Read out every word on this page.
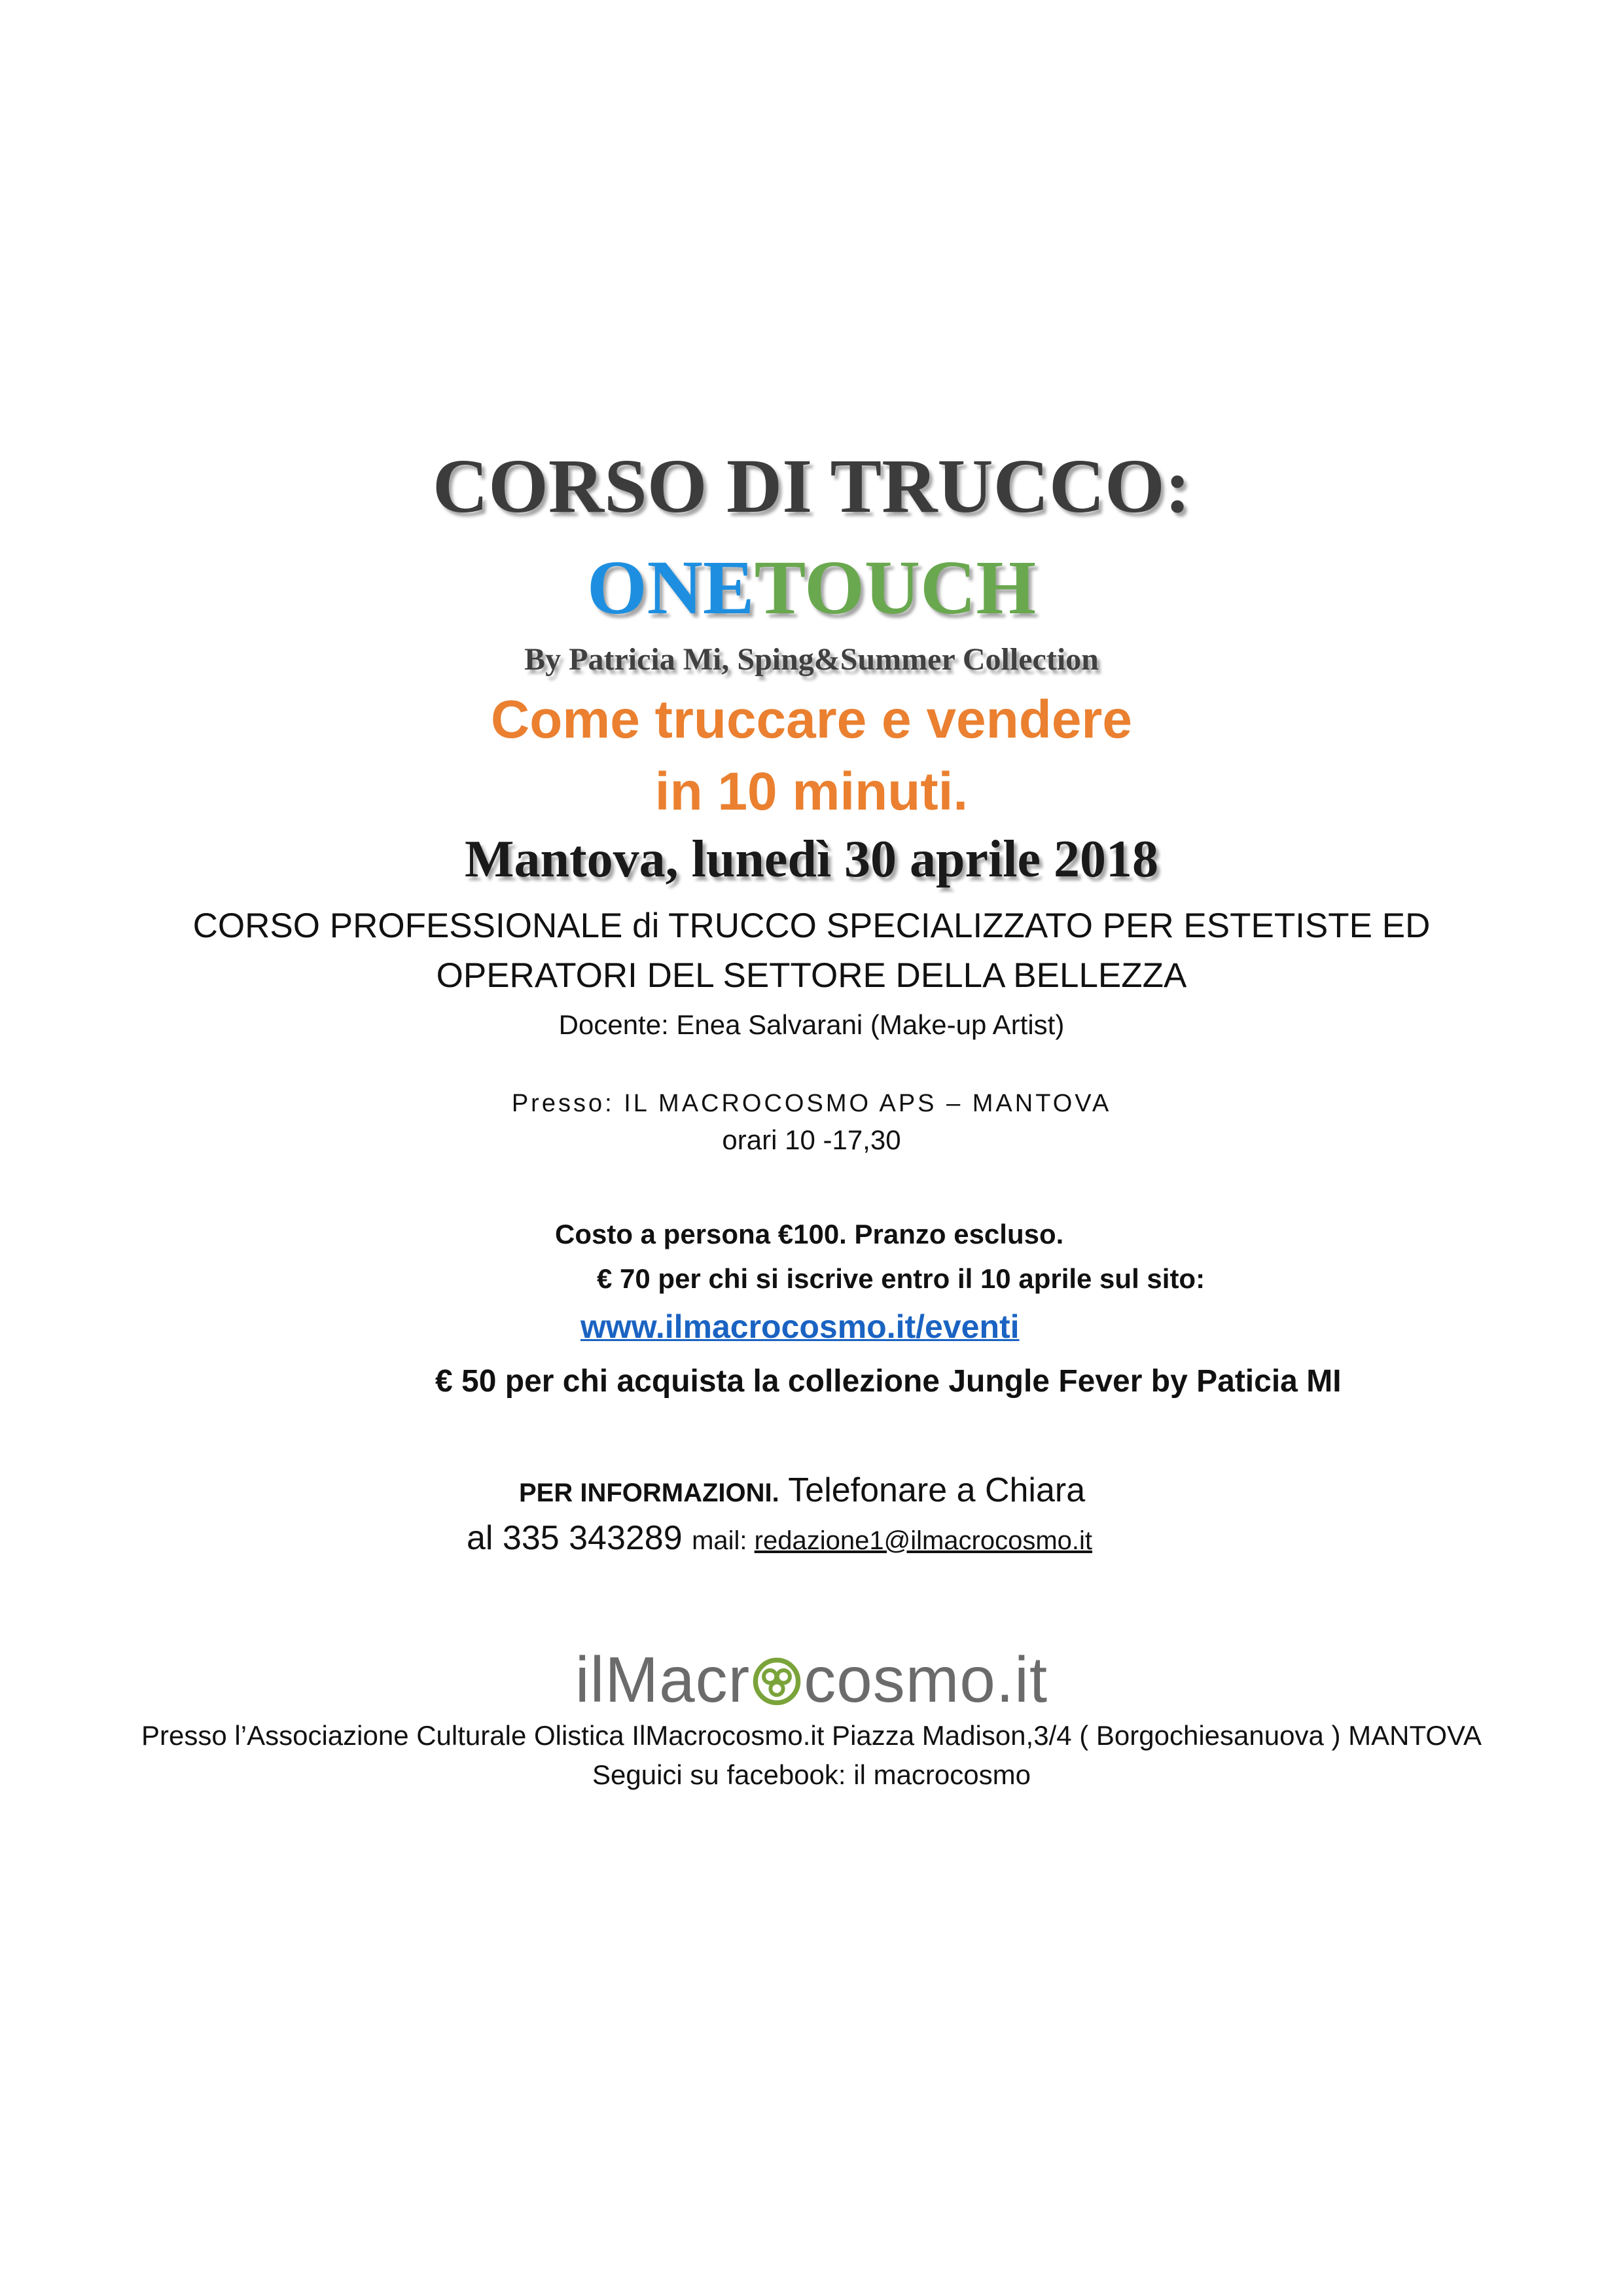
CORSO DI TRUCCO:
ONETOUCH
By Patricia Mi, Sping&Summer Collection
Come truccare e vendere
in 10 minuti.
Mantova, lunedì 30 aprile 2018
CORSO PROFESSIONALE di TRUCCO SPECIALIZZATO PER ESTETISTE ED
OPERATORI DEL SETTORE DELLA BELLEZZA
Docente: Enea Salvarani (Make-up Artist)
Presso: IL MACROCOSMO APS – MANTOVA
orari 10 -17,30
Costo a persona €100. Pranzo escluso.
€ 70 per chi si iscrive entro il 10 aprile sul sito:
www.ilmacrocosmo.it/eventi
€ 50 per chi acquista la collezione Jungle Fever by Paticia MI
PER INFORMAZIONI. Telefonare a Chiara
al 335 343289 mail: redazione1@ilmacrocosmo.it
ilMacr cosmo.it
Presso l’Associazione Culturale Olistica IlMacrocosmo.it Piazza Madison,3/4 ( Borgochiesanuova ) MANTOVA
Seguici su facebook: il macrocosmo
